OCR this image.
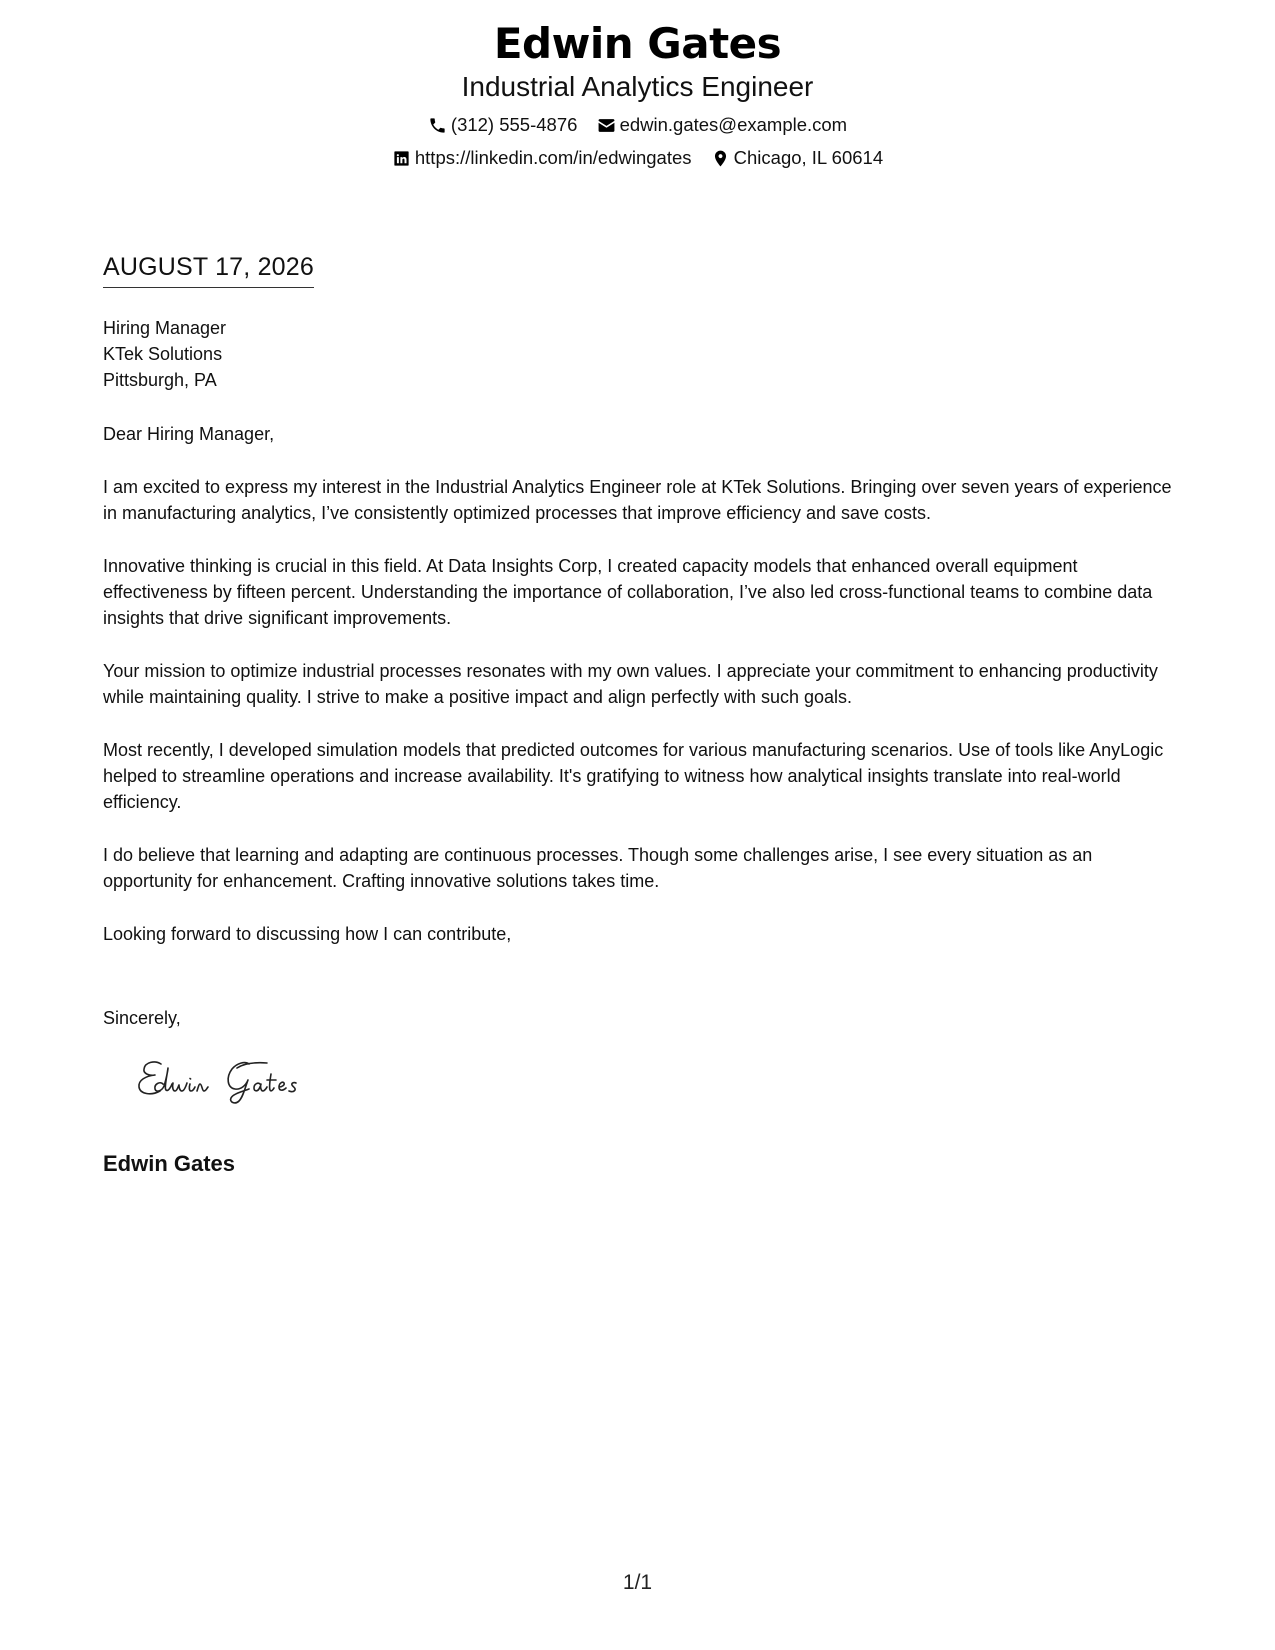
Edwin Gates
Industrial Analytics Engineer
(312) 555-4876
edwin.gates@example.com
https://linkedin.com/in/edwingates
Chicago, IL 60614
AUGUST 17, 2026
Hiring Manager
KTek Solutions
Pittsburgh, PA
Dear Hiring Manager,

I am excited to express my interest in the Industrial Analytics Engineer role at KTek Solutions. Bringing over seven years of experience in manufacturing analytics, I’ve consistently optimized processes that improve efficiency and save costs.

Innovative thinking is crucial in this field. At Data Insights Corp, I created capacity models that enhanced overall equipment effectiveness by fifteen percent. Understanding the importance of collaboration, I’ve also led cross-functional teams to combine data insights that drive significant improvements.

Your mission to optimize industrial processes resonates with my own values. I appreciate your commitment to enhancing productivity while maintaining quality. I strive to make a positive impact and align perfectly with such goals.

Most recently, I developed simulation models that predicted outcomes for various manufacturing scenarios. Use of tools like AnyLogic helped to streamline operations and increase availability. It's gratifying to witness how analytical insights translate into real-world efficiency.

I do believe that learning and adapting are continuous processes. Though some challenges arise, I see every situation as an opportunity for enhancement. Crafting innovative solutions takes time.

Looking forward to discussing how I can contribute,

Sincerely,
Edwin Gates
1/1
